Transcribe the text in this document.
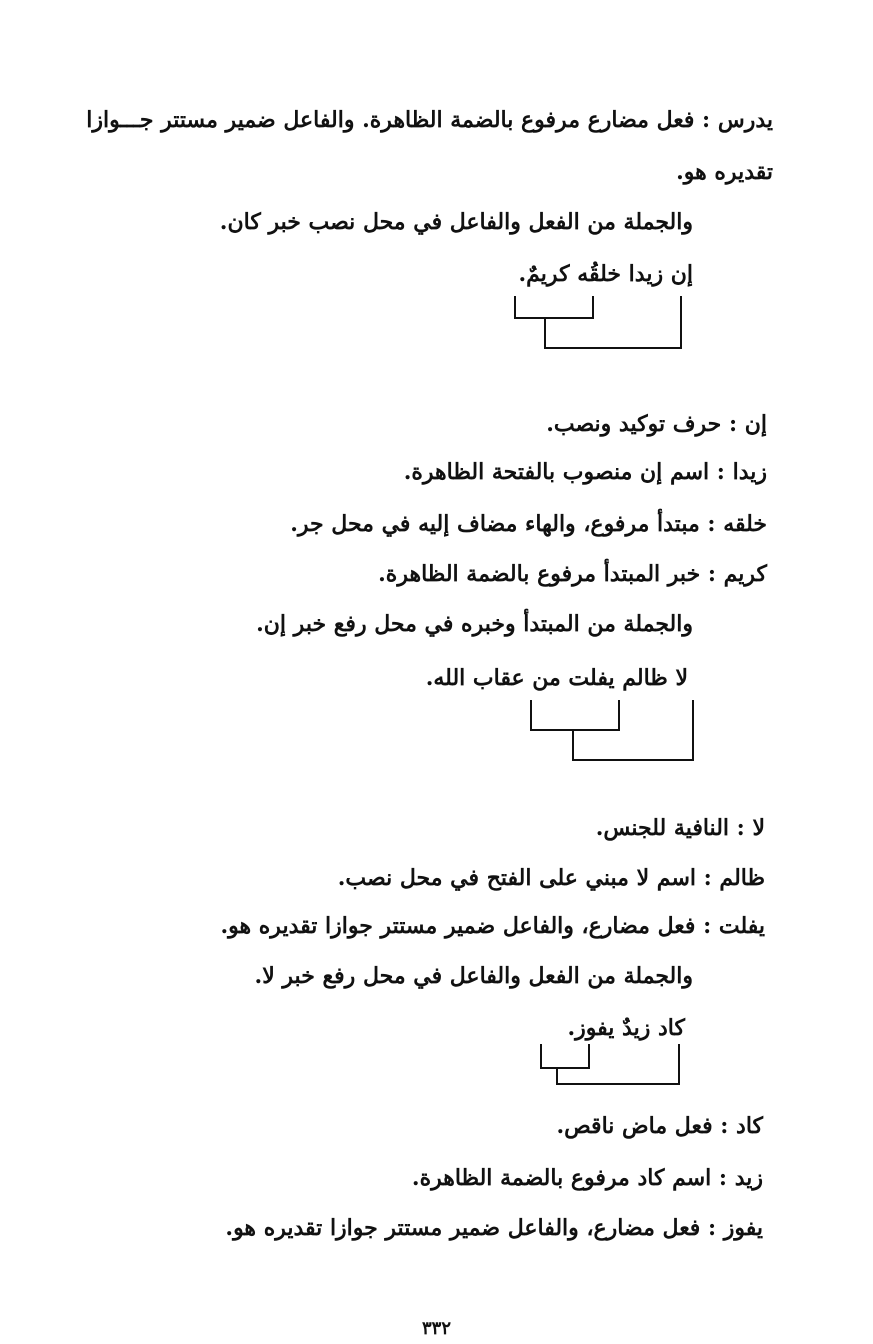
يدرس : فعل مضارع مرفوع بالضمة الظاهرة. والفاعل ضمير مستتر جـــوازا
تقديره هو.
والجملة من الفعل والفاعل في محل نصب خبر كان.
إن زيدا خلقُه كريمٌ.
إن : حرف توكيد ونصب.
زيدا : اسم إن منصوب بالفتحة الظاهرة.
خلقه : مبتدأ مرفوع، والهاء مضاف إليه في محل جر.
كريم : خبر المبتدأ مرفوع بالضمة الظاهرة.
والجملة من المبتدأ وخبره في محل رفع خبر إن.
لا ظالم يفلت من عقاب الله.
لا : النافية للجنس.
ظالم : اسم لا مبني على الفتح في محل نصب.
يفلت : فعل مضارع، والفاعل ضمير مستتر جوازا تقديره هو.
والجملة من الفعل والفاعل في محل رفع خبر لا.
كاد زيدٌ يفوز.
كاد : فعل ماض ناقص.
زيد : اسم كاد مرفوع بالضمة الظاهرة.
يفوز : فعل مضارع، والفاعل ضمير مستتر جوازا تقديره هو.
٣٣٢
